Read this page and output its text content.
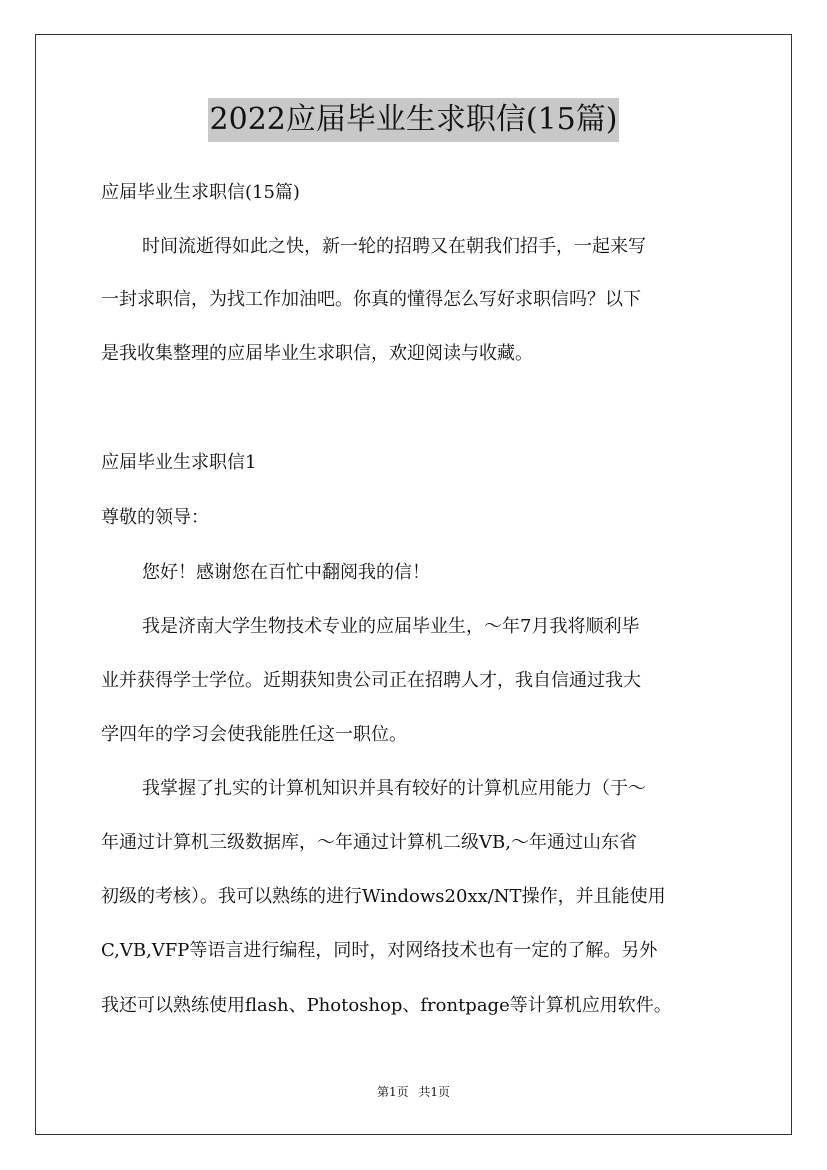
2022应届毕业生求职信(15篇)
应届毕业生求职信(15篇)
时间流逝得如此之快，新一轮的招聘又在朝我们招手，一起来写
一封求职信，为找工作加油吧。你真的懂得怎么写好求职信吗？以下
是我收集整理的应届毕业生求职信，欢迎阅读与收藏。
应届毕业生求职信1
尊敬的领导：
您好！感谢您在百忙中翻阅我的信！
我是济南大学生物技术专业的应届毕业生，～年7月我将顺利毕
业并获得学士学位。近期获知贵公司正在招聘人才，我自信通过我大
学四年的学习会使我能胜任这一职位。
我掌握了扎实的计算机知识并具有较好的计算机应用能力（于～
年通过计算机三级数据库，～年通过计算机二级VB,～年通过山东省
初级的考核）。我可以熟练的进行Windows20xx/NT操作，并且能使用
C,VB,VFP等语言进行编程，同时，对网络技术也有一定的了解。另外
我还可以熟练使用flash、Photoshop、frontpage等计算机应用软件。
第1页 共1页
